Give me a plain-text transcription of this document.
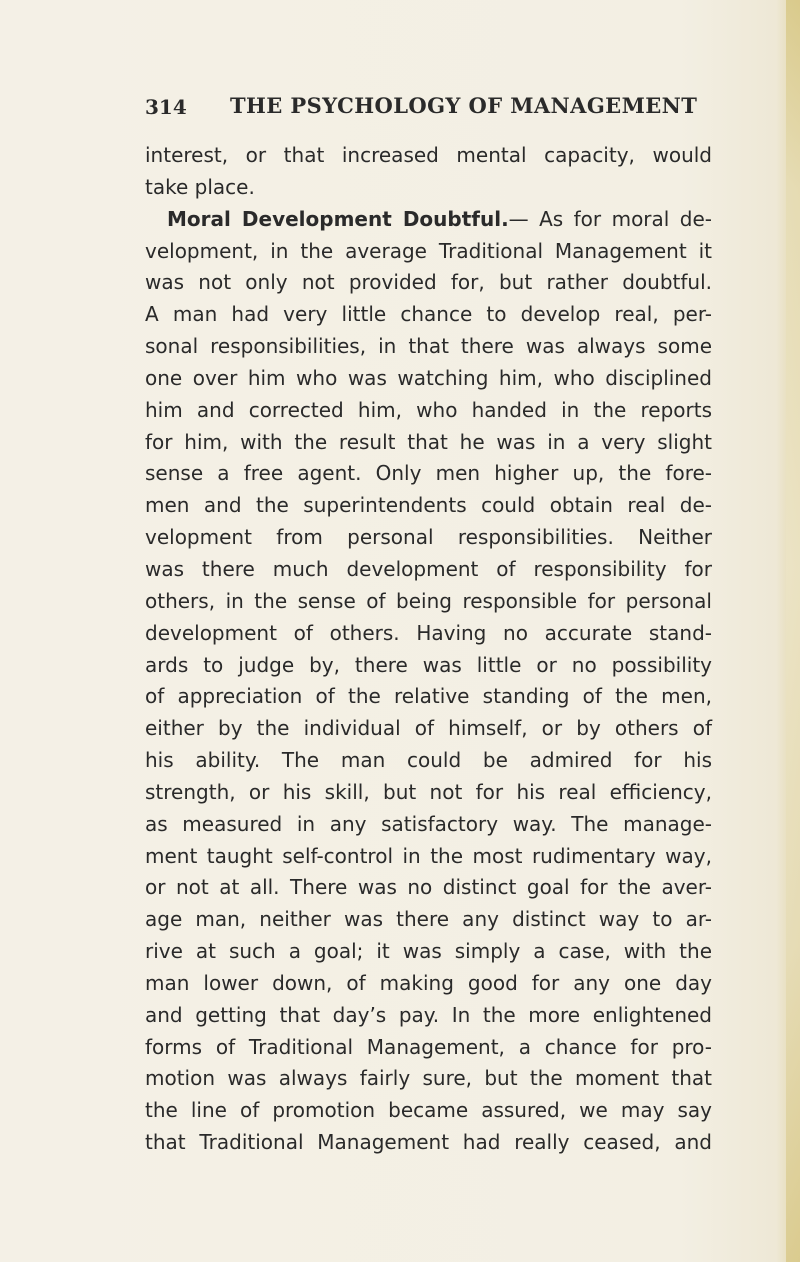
314 THE PSYCHOLOGY OF MANAGEMENT
interest, or that increased mental capacity, would
take place.
Moral Development Doubtful.— As for moral de-
velopment, in the average Traditional Management it
was not only not provided for, but rather doubtful.
A man had very little chance to develop real, per-
sonal responsibilities, in that there was always some
one over him who was watching him, who disciplined
him and corrected him, who handed in the reports
for him, with the result that he was in a very slight
sense a free agent. Only men higher up, the fore-
men and the superintendents could obtain real de-
velopment from personal responsibilities. Neither
was there much development of responsibility for
others, in the sense of being responsible for personal
development of others. Having no accurate stand-
ards to judge by, there was little or no possibility
of appreciation of the relative standing of the men,
either by the individual of himself, or by others of
his ability. The man could be admired for his
strength, or his skill, but not for his real efficiency,
as measured in any satisfactory way. The manage-
ment taught self-control in the most rudimentary way,
or not at all. There was no distinct goal for the aver-
age man, neither was there any distinct way to ar-
rive at such a goal; it was simply a case, with the
man lower down, of making good for any one day
and getting that day’s pay. In the more enlightened
forms of Traditional Management, a chance for pro-
motion was always fairly sure, but the moment that
the line of promotion became assured, we may say
that Traditional Management had really ceased, and
